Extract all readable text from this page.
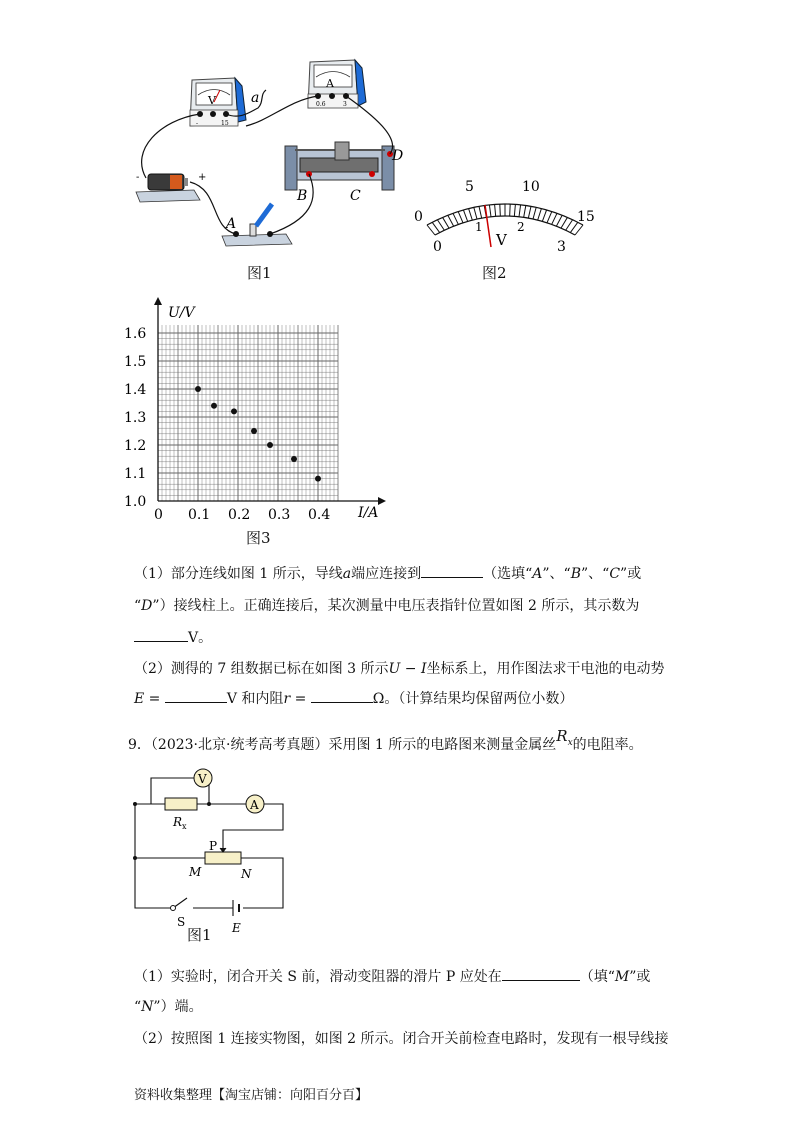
V
-	15
a
A
0.6	3
+
-
B	C
D
A
图1
0
5	10
15
0
1	2
3
V
图2
0 0.1 0.2 0.3 0.4
1.0
1.1
1.2
1.3
1.4
1.5
1.6
U/V
I/A
图3
（1）部分连线如图 1 所示，导线a端应连接到	（选填“A”、“B”、“C”或
“D”）接线柱上。正确连接后，某次测量中电压表指针位置如图 2 所示，其示数为
V。
（2）测得的 7 组数据已标在如图 3 所示U − I坐标系上，用作图法求干电池的电动势
E =	V 和内阻r =	Ω。（计算结果均保留两位小数）
9．（2023·北京·统考高考真题）采用图 1 所示的电路图来测量金属丝$R^x$的电阻率。
V
A
R x
P
M	N
S	E
图1
（1）实验时，闭合开关 S 前，滑动变阻器的滑片 P 应处在	（填“M”或
“N”）端。
（2）按照图 1 连接实物图，如图 2 所示。闭合开关前检查电路时，发现有一根导线接
资料收集整理【淘宝店铺：向阳百分百】
